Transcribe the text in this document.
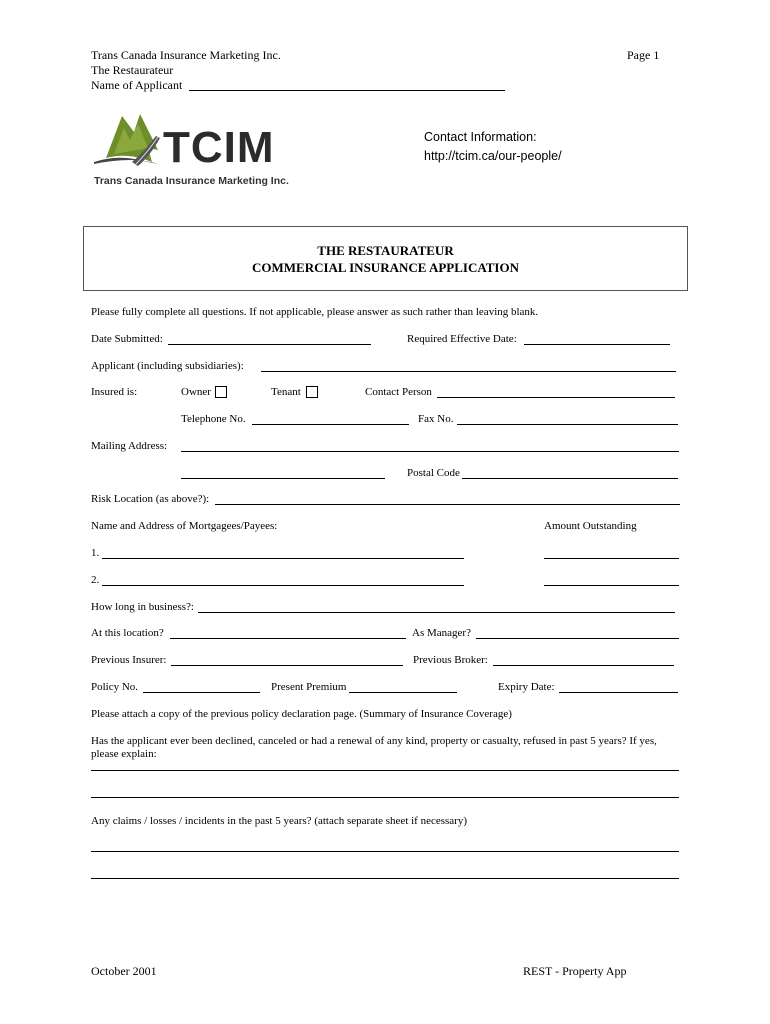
Trans Canada Insurance Marketing Inc.
The Restaurateur
Name of Applicant
Page 1
TCIM
Trans Canada Insurance Marketing Inc.
Contact Information:
http://tcim.ca/our-people/
THE RESTAURATEUR
COMMERCIAL INSURANCE APPLICATION
Please fully complete all questions. If not applicable, please answer as such rather than leaving blank.
Date Submitted:	Required Effective Date:
Applicant (including subsidiaries):
Insured is:	Owner	Tenant	Contact Person
Telephone No.	Fax No.
Mailing Address:
Postal Code
Risk Location (as above?):
Name and Address of Mortgagees/Payees:	Amount Outstanding
1.
2.
How long in business?:
At this location?	As Manager?
Previous Insurer:	Previous Broker:
Policy No.	Present Premium	Expiry Date:
Please attach a copy of the previous policy declaration page. (Summary of Insurance Coverage)
Has the applicant ever been declined, canceled or had a renewal of any kind, property or casualty, refused in past 5 years? If yes,
please explain:
Any claims / losses / incidents in the past 5 years? (attach separate sheet if necessary)
October 2001	REST - Property App
